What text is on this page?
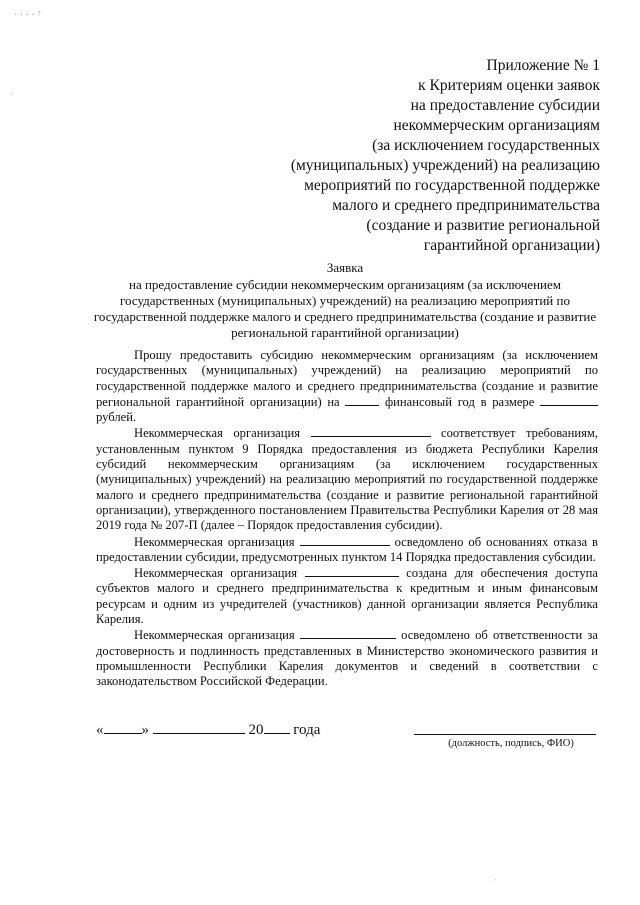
Приложение № 1
к Критериям оценки заявок
на предоставление субсидии
некоммерческим организациям
(за исключением государственных
(муниципальных) учреждений) на реализацию
мероприятий по государственной поддержке
малого и среднего предпринимательства
(создание и развитие региональной
гарантийной организации)
Заявка
на предоставление субсидии некоммерческим организациям (за исключением государственных (муниципальных) учреждений) на реализацию мероприятий по государственной поддержке малого и среднего предпринимательства (создание и развитие региональной гарантийной организации)

Прошу предоставить субсидию некоммерческим организациям (за исключением государственных (муниципальных) учреждений) на реализацию мероприятий по государственной поддержке малого и среднего предпринимательства (создание и развитие региональной гарантийной организации) на	финансовый год в размере  рублей.

Некоммерческая организация	соответствует требованиям, установленным пунктом 9 Порядка предоставления из бюджета Республики Карелия субсидий некоммерческим организациям (за исключением государственных (муниципальных) учреждений) на реализацию мероприятий по государственной поддержке малого и среднего предпринимательства (создание и развитие региональной гарантийной организации), утвержденного постановлением Правительства Республики Карелия от 28 мая 2019 года № 207-П (далее – Порядок предоставления субсидии).

Некоммерческая организация	осведомлено об основаниях отказа в предоставлении субсидии, предусмотренных пунктом 14 Порядка предоставления субсидии.

Некоммерческая организация	создана для обеспечения доступа субъектов малого и среднего предпринимательства к кредитным и иным финансовым ресурсам и одним из учредителей (участников) данной организации является Республика Карелия.

Некоммерческая организация	осведомлено об ответственности за достоверность и подлинность представленных в Министерство экономического развития и промышленности Республики Карелия документов и сведений в соответствии с законодательством Российской Федерации.

«	»	20 года
(должность, подпись, ФИО)
· · · · ⁷
ˌ
ˌ
